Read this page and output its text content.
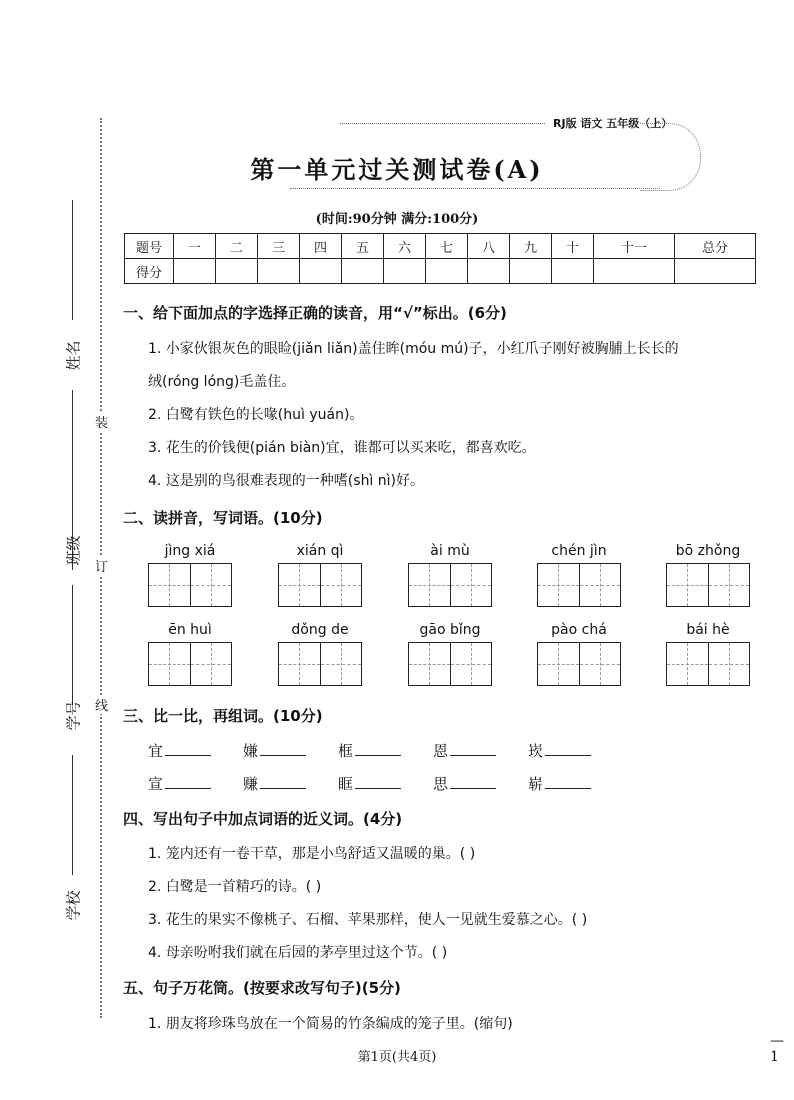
装
订
线
姓名
班级
学号
学校
RJ版 语文 五年级（上）
第一单元过关测试卷(A)
(时间:90分钟 满分:100分)
题号	一	二	三	四	五	六	七	八	九	十	十一	总分
得分												
一、给下面加点的字选择正确的读音，用“√”标出。(6分)
1. 小家伙银灰色的眼睑(jiǎn liǎn)盖住眸(móu mú)子，小红爪子刚好被胸脯上长长的
绒(róng lóng)毛盖住。
2. 白鹭有铁色的长喙(huì yuán)。
3. 花生的价钱便(pián biàn)宜，谁都可以买来吃，都喜欢吃。
4. 这是别的鸟很难表现的一种嗜(shì nì)好。
二、读拼音，写词语。(10分)
jìng xiá	xián qì	ài mù	chén jìn	bō zhǒng
ēn huì	dǒng de	gāo bǐng	pào chá	bái hè
三、比一比，再组词。(10分)
宜	嫌	框	恩	崁
宣	赚	眶	思	崭
四、写出句子中加点词语的近义词。(4分)
1. 笼内还有一卷干草，那是小鸟舒适又温暖的巢。( )
2. 白鹭是一首精巧的诗。( )
3. 花生的果实不像桃子、石榴、苹果那样，使人一见就生爱慕之心。( )
4. 母亲吩咐我们就在后园的茅亭里过这个节。( )
五、句子万花筒。(按要求改写句子)(5分)
1. 朋友将珍珠鸟放在一个简易的竹条编成的笼子里。(缩句)
第1页(共4页)
— 1
